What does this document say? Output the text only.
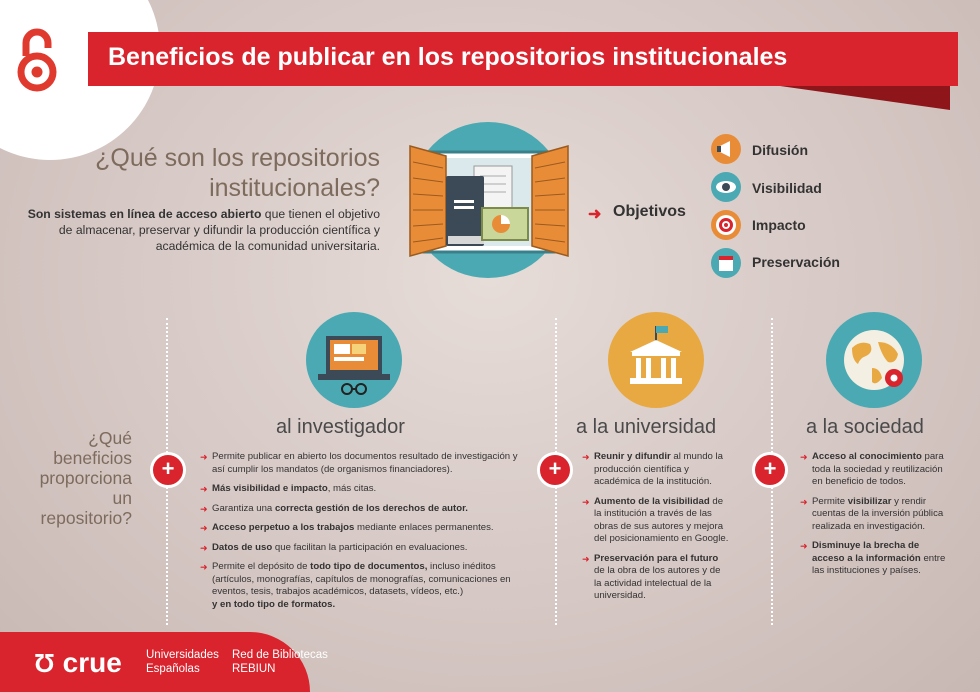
Beneficios de publicar en los repositorios institucionales
¿Qué son los repositorios
institucionales?
Son sistemas en línea de acceso abierto que tienen el objetivo de almacenar, preservar y difundir la producción científica y académica de la comunidad universitaria.
➜ Objetivos
Difusión
Visibilidad
Impacto
Preservación
¿Qué
beneficios
proporciona
un
repositorio?
al investigador
+	➜ Permite publicar en abierto los documentos resultado de investigación y así cumplir los mandatos (de organismos financiadores).
➜ Más visibilidad e impacto, más citas.
➜ Garantiza una correcta gestión de los derechos de autor.
➜ Acceso perpetuo a los trabajos mediante enlaces permanentes.
➜ Datos de uso que facilitan la participación en evaluaciones.
➜ Permite el depósito de todo tipo de documentos, incluso inéditos (artículos, monografías, capítulos de monografías, comunicaciones en eventos, tesis, trabajos académicos, datasets, vídeos, etc.)
y en todo tipo de formatos.
a la universidad
+	➜ Reunir y difundir al mundo la producción científica y académica de la institución.
➜ Aumento de la visibilidad de la institución a través de las obras de sus autores y mejora del posicionamiento en Google.
➜ Preservación para el futuro de la obra de los autores y de la actividad intelectual de la universidad.
a la sociedad
+	➜ Acceso al conocimiento para toda la sociedad y reutilización en beneficio de todos.
➜ Permite visibilizar y rendir cuentas de la inversión pública realizada en investigación.
➜ Disminuye la brecha de acceso a la información entre las instituciones y países.
Ʊ crue Universidades
Españolas
Red de Bibliotecas
REBIUN
